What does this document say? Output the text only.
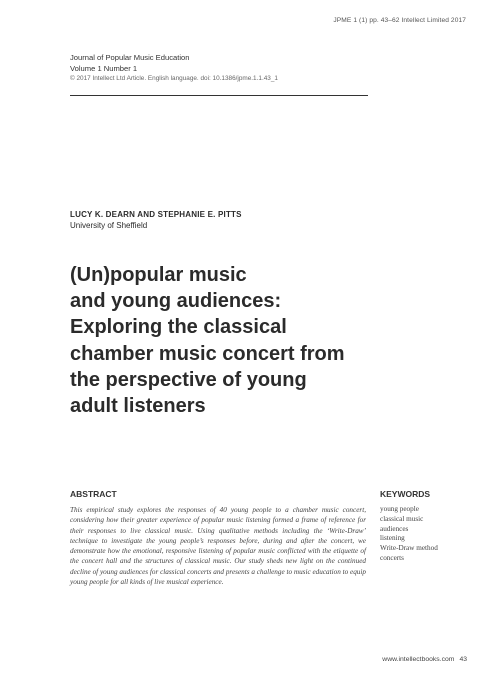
JPME 1 (1) pp. 43–62 Intellect Limited 2017
Journal of Popular Music Education
Volume 1 Number 1
© 2017 Intellect Ltd Article. English language. doi: 10.1386/jpme.1.1.43_1
LUCY K. DEARN AND STEPHANIE E. PITTS
University of Sheffield
(Un)popular music
and young audiences:
Exploring the classical
chamber music concert from
the perspective of young
adult listeners
ABSTRACT
This empirical study explores the responses of 40 young people to a chamber music concert, considering how their greater experience of popular music listening formed a frame of reference for their responses to live classical music. Using qualitative methods including the ‘Write-Draw’ technique to investigate the young people’s responses before, during and after the concert, we demonstrate how the emotional, responsive listening of popular music conflicted with the etiquette of the concert hall and the structures of classical music. Our study sheds new light on the continued decline of young audiences for classical concerts and presents a challenge to music education to equip young people for all kinds of live musical experience.
KEYWORDS
young people
classical music
audiences
listening
Write-Draw method
concerts
www.intellectbooks.com 43
